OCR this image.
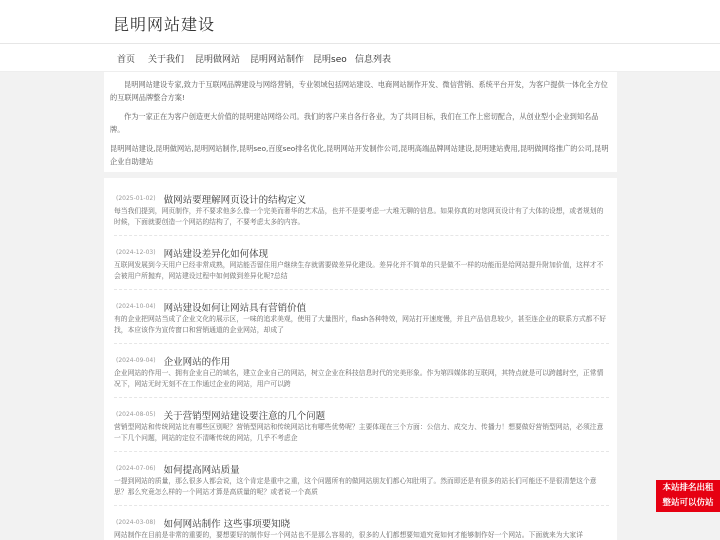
昆明网站建设
首页 关于我们 昆明做网站 昆明网站制作 昆明seo 信息列表

昆明网站建设专家,致力于互联网品牌建设与网络营销，专业领域包括网站建设、电商网站制作开发、微信营销、系统平台开发，为客户提供一体化全方位的互联网品牌整合方案!

作为一家正在为客户创造更大价值的昆明建站网络公司。我们的客户来自各行各业，为了共同目标，我们在工作上密切配合，从创业型小企业到知名品牌。

昆明网站建设,昆明做网站,昆明网站制作,昆明seo,百度seo排名优化,昆明网站开发制作公司,昆明高端品牌网站建设,昆明建站费用,昆明做网络推广的公司,昆明企业自助建站

(2025-01-02) 做网站要理解网页设计的结构定义
每当我们提到，网页制作，并不要求他多么像一个完美而奢华的艺术品，也并不是要考虑一大堆无聊的信息。如果你真的对您网页设计有了大体的设想，或者规划的时候，下面就要创造一个网站的结构了，不要考虑太多的内容。
(2024-12-03) 网站建设差异化如何体现
互联网发展到今天用户已经非常成熟，网站能否留住用户继续生存就需要做差异化建设。差异化并不简单的只是做不一样的功能而是给网站提升附加价值，这样才不会被用户所抛弃，网站建设过程中如何做到差异化呢?总结
(2024-10-04) 网站建设如何让网站具有营销价值
有的企业把网站当成了企业文化的展示区，一味的追求美观，使用了大量图片，flash各种特效，网站打开速度慢，并且产品信息较少，甚至连企业的联系方式都不好找，本应该作为宣传窗口和营销通道的企业网站，却成了
(2024-09-04) 企业网站的作用
企业网站的作用一、拥有企业自己的域名，建立企业自己的网站，树立企业在科技信息时代的完美形象。作为第四媒体的互联网，其特点就是可以跨越时空，正常情况下，网站无时无刻不在工作通过企业的网站，用户可以跨
(2024-08-05) 关于营销型网站建设要注意的几个问题
营销型网站和传统网站比有哪些区别呢？营销型网站和传统网站比有哪些优势呢？主要体现在三个方面：公信力、成交力、传播力！想要做好营销型网站，必须注意一下几个问题，网站的定位不清晰传统的网站，几乎不考虑企
(2024-07-06) 如何提高网站质量
一提到网站的质量，那么很多人都会说，这个肯定是重中之重，这个问题所有的做网站朋友们都心知肚明了。然而即还是有很多的站长们可能还不是很清楚这个意思？那么究竟怎么样的一个网站才算是高质量的呢？或者说一个高质
(2024-03-08) 如何网站制作 这些事项要知晓
网站制作在目前是非常的重要的，要想要好的制作好一个网站也不是那么容易的，很多的人们都想要知道究竟如何才能够制作好一个网站。下面就来为大家详
本站排名出租
整站可以仿站
